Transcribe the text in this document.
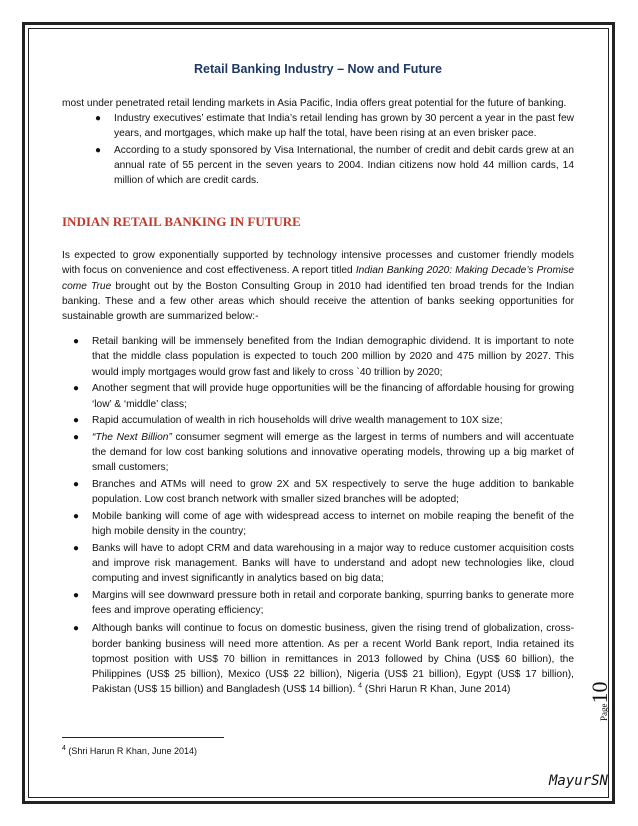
Retail Banking Industry – Now and Future

most under penetrated retail lending markets in Asia Pacific, India offers great potential for the future of banking.

● Industry executives’ estimate that India’s retail lending has grown by 30 percent a year in the past few years, and mortgages, which make up half the total, have been rising at an even brisker pace.
● According to a study sponsored by Visa International, the number of credit and debit cards grew at an annual rate of 55 percent in the seven years to 2004. Indian citizens now hold 44 million cards, 14 million of which are credit cards.
INDIAN RETAIL BANKING IN FUTURE

Is expected to grow exponentially supported by technology intensive processes and customer friendly models with focus on convenience and cost effectiveness. A report titled Indian Banking 2020: Making Decade’s Promise come True brought out by the Boston Consulting Group in 2010 had identified ten broad trends for the Indian banking. These and a few other areas which should receive the attention of banks seeking opportunities for sustainable growth are summarized below:-

● Retail banking will be immensely benefited from the Indian demographic dividend. It is important to note that the middle class population is expected to touch 200 million by 2020 and 475 million by 2027. This would imply mortgages would grow fast and likely to cross `40 trillion by 2020;
● Another segment that will provide huge opportunities will be the financing of affordable housing for growing ‘low’ & ‘middle’ class;
● Rapid accumulation of wealth in rich households will drive wealth management to 10X size;
● “The Next Billion” consumer segment will emerge as the largest in terms of numbers and will accentuate the demand for low cost banking solutions and innovative operating models, throwing up a big market of small customers;
● Branches and ATMs will need to grow 2X and 5X respectively to serve the huge addition to bankable population. Low cost branch network with smaller sized branches will be adopted;
● Mobile banking will come of age with widespread access to internet on mobile reaping the benefit of the high mobile density in the country;
● Banks will have to adopt CRM and data warehousing in a major way to reduce customer acquisition costs and improve risk management. Banks will have to understand and adopt new technologies like, cloud computing and invest significantly in analytics based on big data;
● Margins will see downward pressure both in retail and corporate banking, spurring banks to generate more fees and improve operating efficiency;
● Although banks will continue to focus on domestic business, given the rising trend of globalization, cross-border banking business will need more attention. As per a recent World Bank report, India retained its topmost position with US$ 70 billion in remittances in 2013 followed by China (US$ 60 billion), the Philippines (US$ 25 billion), Mexico (US$ 22 billion), Nigeria (US$ 21 billion), Egypt (US$ 17 billion), Pakistan (US$ 15 billion) and Bangladesh (US$ 14 billion). $^4$ (Shri Harun R Khan, June 2014)
$^4$ (Shri Harun R Khan, June 2014)
Page10
MayurSN
